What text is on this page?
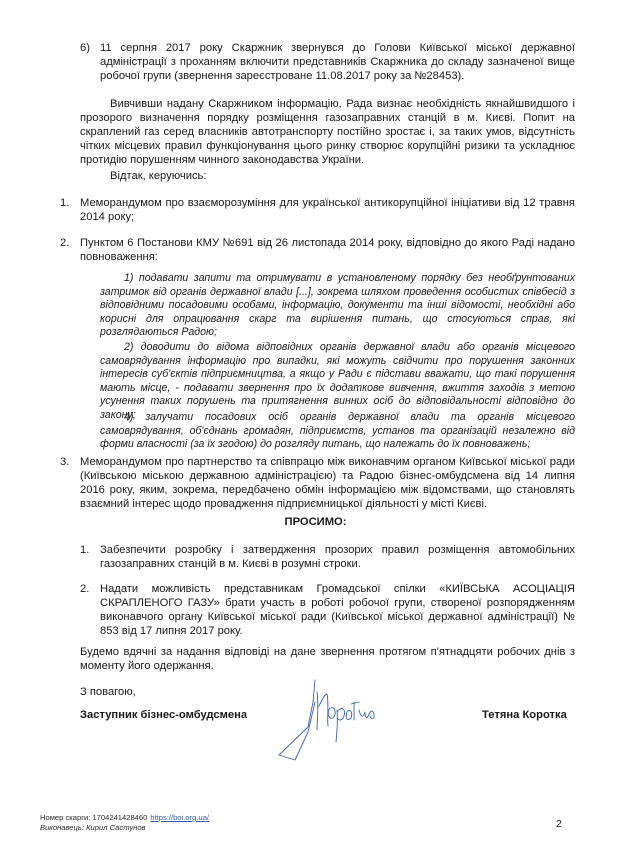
6) 11 серпня 2017 року Скаржник звернувся до Голови Київської міської державної адміністрації з проханням включити представників Скаржника до складу зазначеної вище робочої групи (звернення зареєстроване 11.08.2017 року за №28453).
Вивчивши надану Скаржником інформацію, Рада визнає необхідність якнайшвидшого і прозорого визначення порядку розміщення газозаправних станцій в м. Києві. Попит на скраплений газ серед власників автотранспорту постійно зростає і, за таких умов, відсутність чітких місцевих правил функціонування цього ринку створює корупційні ризики та ускладнює протидію порушенням чинного законодавства України.
Відтак, керуючись:
1. Меморандумом про взаєморозуміння для української антикорупційної ініціативи від 12 травня 2014 року;
2. Пунктом 6 Постанови КМУ №691 від 26 листопада 2014 року, відповідно до якого Раді надано повноваження:
1) подавати запити та отримувати в установленому порядку без необґрунтованих затримок від органів державної влади [...], зокрема шляхом проведення особистих співбесід з відповідними посадовими особами, інформацію, документи та інші відомості, необхідні або корисні для опрацювання скарг та вирішення питань, що стосуються справ, які розглядаються Радою;
2) доводити до відома відповідних органів державної влади або органів місцевого самоврядування інформацію про випадки, які можуть свідчити про порушення законних інтересів суб'єктів підприємництва, а якщо у Ради є підстави вважати, що такі порушення мають місце, - подавати звернення про їх додаткове вивчення, вжиття заходів з метою усунення таких порушень та притягнення винних осіб до відповідальності відповідно до закону;
4) залучати посадових осіб органів державної влади та органів місцевого самоврядування, об'єднань громадян, підприємств, установ та організацій незалежно від форми власності (за їх згодою) до розгляду питань, що належать до їх повноважень;
3. Меморандумом про партнерство та співпрацю між виконавчим органом Київської міської ради (Київською міською державною адміністрацією) та Радою бізнес-омбудсмена від 14 липня 2016 року, яким, зокрема, передбачено обмін інформацією між відомствами, що становлять взаємний інтерес щодо провадження підприємницької діяльності у місті Києві.
ПРОСИМО:
1. Забезпечити розробку і затвердження прозорих правил розміщення автомобільних газозаправних станцій в м. Києві в розумні строки.
2. Надати можливість представникам Громадської спілки «КИЇВСЬКА АСОЦІАЦІЯ СКРАПЛЕНОГО ГАЗУ» брати участь в роботі робочої групи, створеної розпорядженням виконавчого органу Київської міської ради (Київської міської державної адміністрації) № 853 від 17 липня 2017 року.
Будемо вдячні за надання відповіді на дане звернення протягом п'ятнадцяти робочих днів з моменту його одержання.
З повагою,
Заступник бізнес-омбудсмена	Тетяна Коротка
Номер скарги: 1704241428460 https://boi.org.ua/
Виконавець: Кирил Састунов	2
